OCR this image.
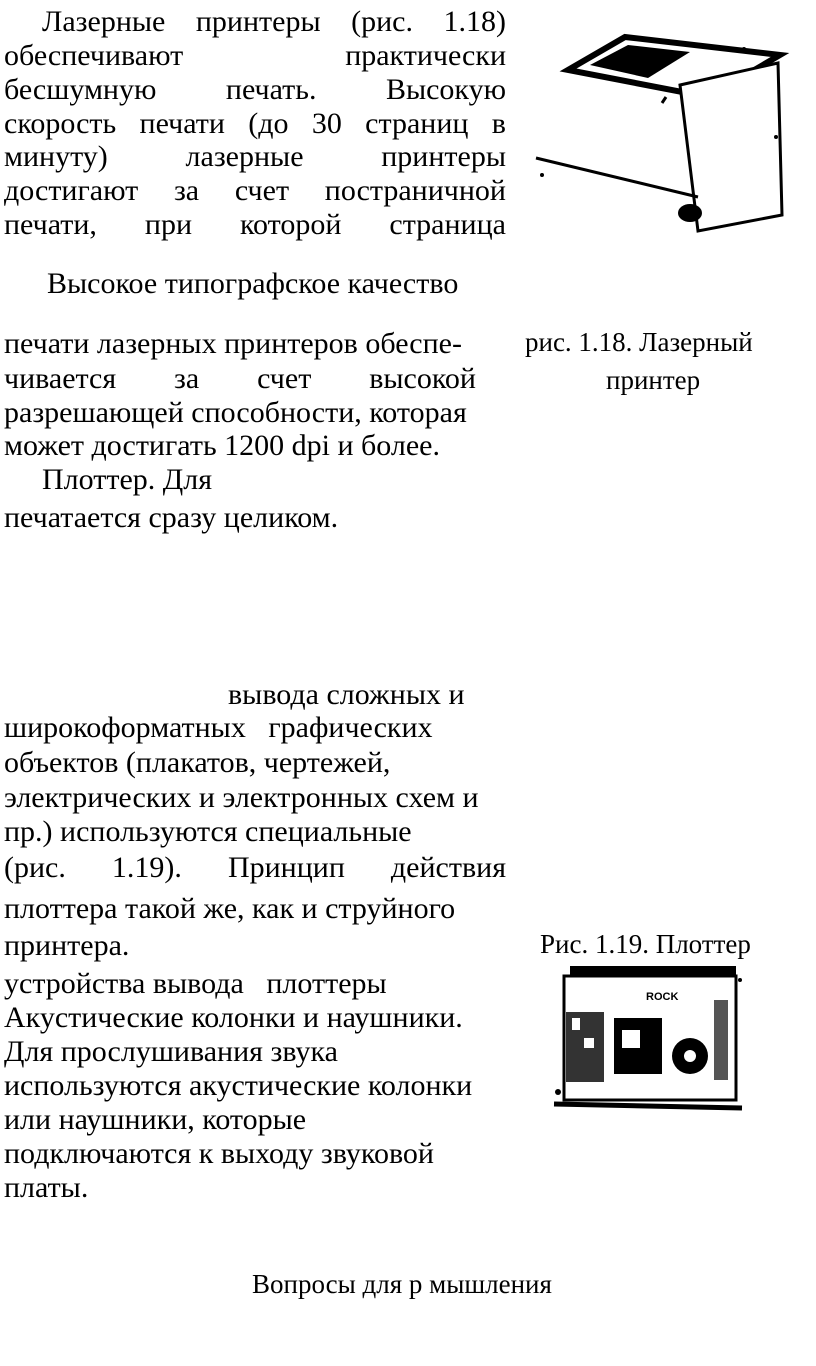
Лазерные принтеры (рис. 1.18)
обеспечивают	практически
бесшумную печать. Высокую
скорость печати (до 30 страниц в
минуту)	лазерные	принтеры
достигают за счет постраничной
печати, при которой страница
Высокое типографское качество
печати лазерных принтеров обеспе-
чивается за счет высокой
разрешающей способности, которая
может достигать 1200 dpi и более.
Плоттер. Для
печатается сразу целиком.
рис. 1.18. Лазерный
принтер
вывода сложных и
широкоформатных   графических
объектов (плакатов, чертежей,
электрических и электронных схем и
пр.) используются специальные
(рис. 1.19). Принцип действия
плоттера такой же, как и струйного
принтера.
устройства вывода   плоттеры
Рис. 1.19. Плоттер
ROCK
Акустические колонки и наушники.
Для прослушивания звука
используются акустические колонки
или наушники, которые
подключаются к выходу звуковой
платы.
Вопросы для р мышления
